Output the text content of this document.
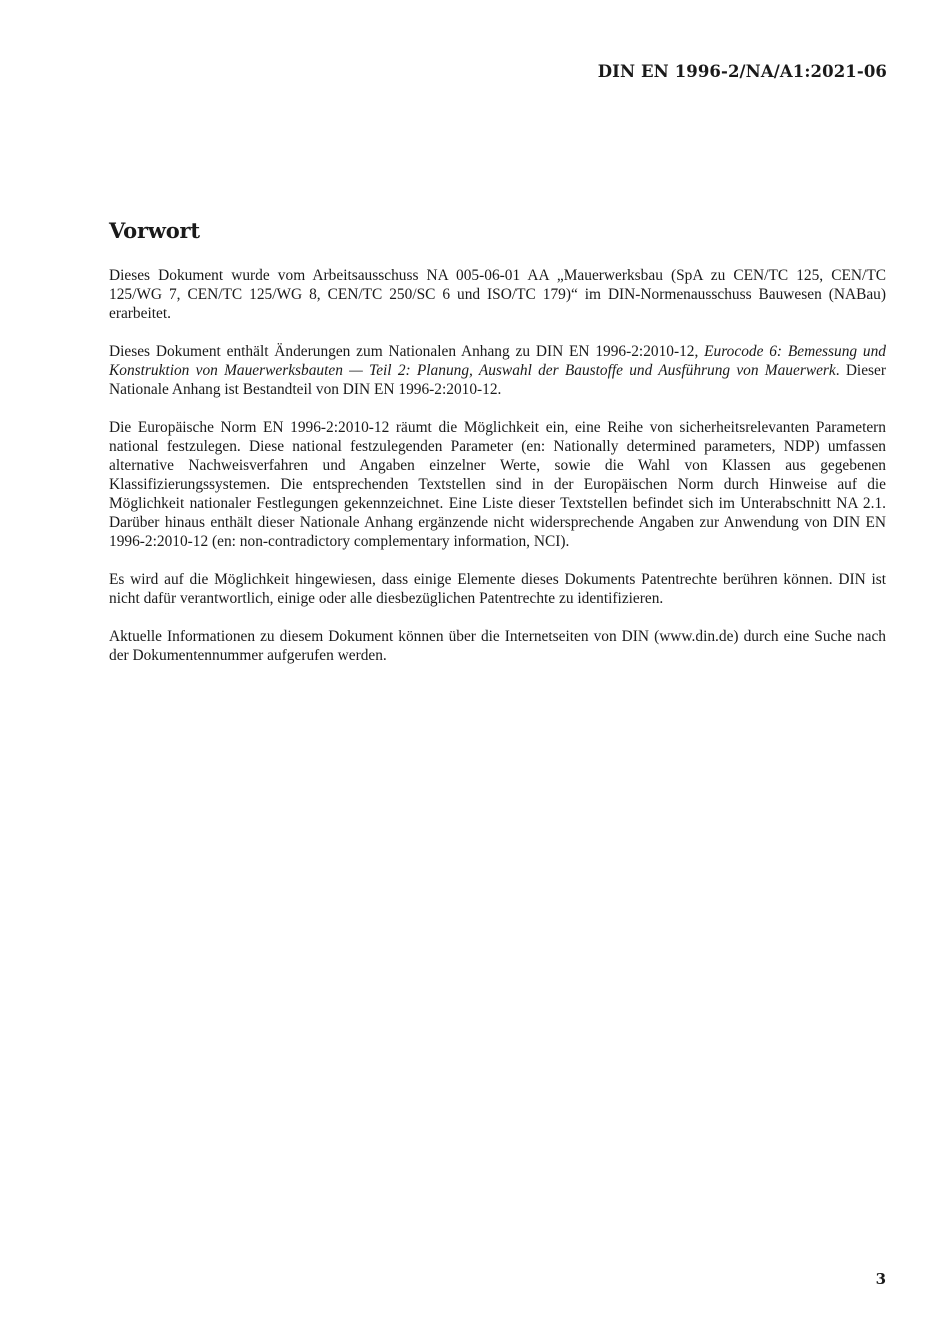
DIN EN 1996-2/NA/A1:2021-06
Vorwort

Dieses Dokument wurde vom Arbeitsausschuss NA 005-06-01 AA „Mauerwerksbau (SpA zu CEN/TC 125, CEN/TC 125/WG 7, CEN/TC 125/WG 8, CEN/TC 250/SC 6 und ISO/TC 179)“ im DIN-Normenausschuss Bauwesen (NABau) erarbeitet.

Dieses Dokument enthält Änderungen zum Nationalen Anhang zu DIN EN 1996-2:2010-12, Eurocode 6: Bemessung und Konstruktion von Mauerwerksbauten — Teil 2: Planung, Auswahl der Baustoffe und Ausführung von Mauerwerk. Dieser Nationale Anhang ist Bestandteil von DIN EN 1996-2:2010-12.

Die Europäische Norm EN 1996-2:2010-12 räumt die Möglichkeit ein, eine Reihe von sicherheitsrelevanten Parametern national festzulegen. Diese national festzulegenden Parameter (en: Nationally determined parameters, NDP) umfassen alternative Nachweisverfahren und Angaben einzelner Werte, sowie die Wahl von Klassen aus gegebenen Klassifizierungssystemen. Die entsprechenden Textstellen sind in der Europäischen Norm durch Hinweise auf die Möglichkeit nationaler Festlegungen gekennzeichnet. Eine Liste dieser Textstellen befindet sich im Unterabschnitt NA 2.1. Darüber hinaus enthält dieser Nationale Anhang ergänzende nicht widersprechende Angaben zur Anwendung von DIN EN 1996-2:2010-12 (en: non-contradictory complementary information, NCI).

Es wird auf die Möglichkeit hingewiesen, dass einige Elemente dieses Dokuments Patentrechte berühren können. DIN ist nicht dafür verantwortlich, einige oder alle diesbezüglichen Patentrechte zu identifizieren.

Aktuelle Informationen zu diesem Dokument können über die Internetseiten von DIN (www.din.de) durch eine Suche nach der Dokumentennummer aufgerufen werden.

3
